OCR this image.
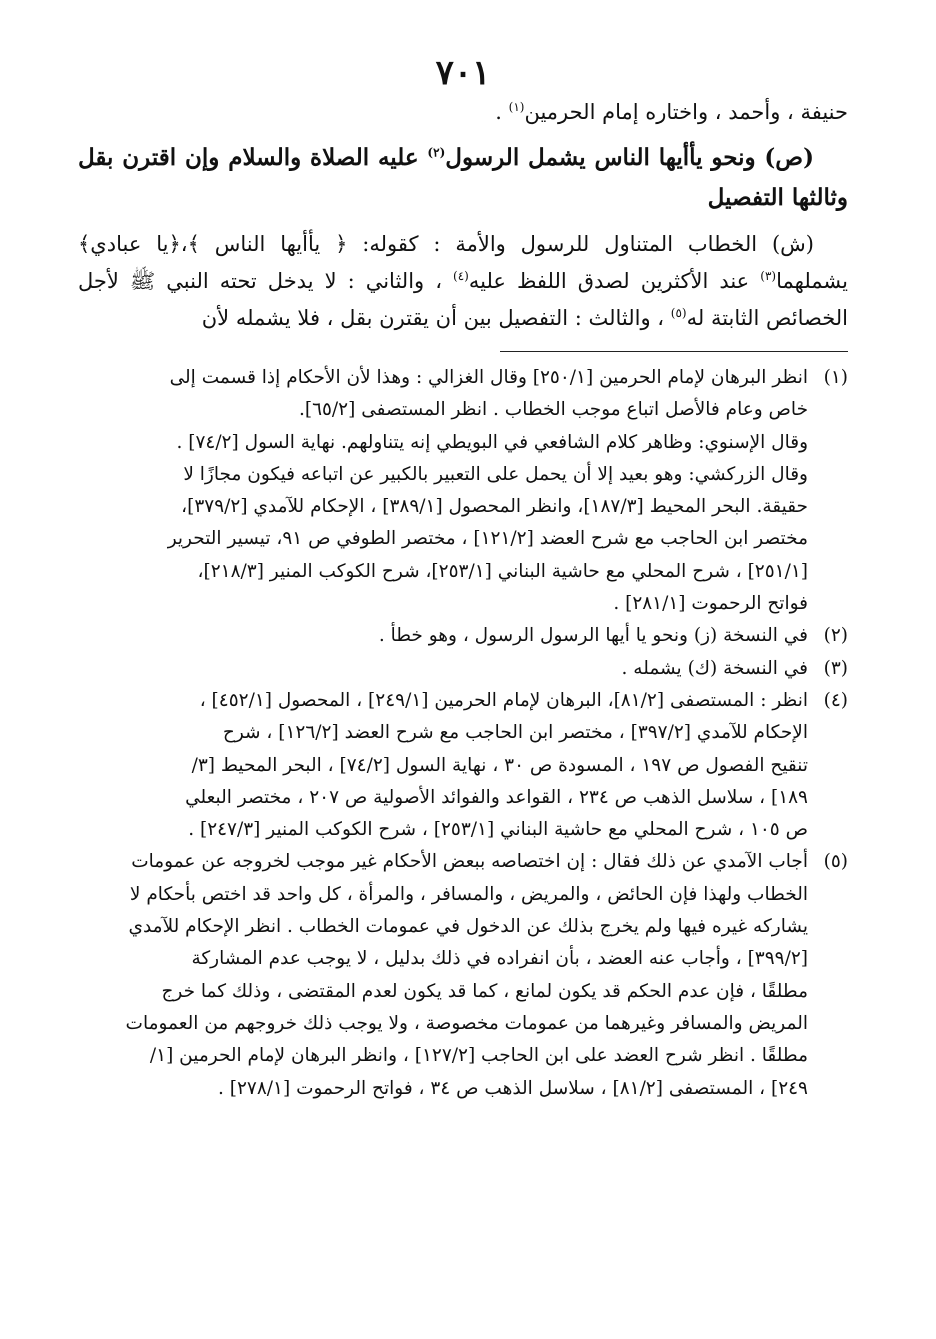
٧٠١

حنيفة ، وأحمد ، واختاره إمام الحرمين$^{(١)}$ .

(ص) ونحو يأأيها الناس يشمل الرسول$^{(٢)}$ عليه الصلاة والسلام وإن اقترن بقل وثالثها التفصيل

(ش) الخطاب المتناول للرسول والأمة : كقوله: ﴿ يأأيها الناس ﴾،﴿يا عبادي﴾ يشملهما$^{(٣)}$ عند الأكثرين لصدق اللفظ عليه$^{(٤)}$ ، والثاني : لا يدخل تحته النبي ﷺ لأجل الخصائص الثابتة له$^{(٥)}$ ، والثالث : التفصيل بين أن يقترن بقل ، فلا يشمله لأن

(١)
انظر البرهان لإمام الحرمين [٢٥٠/١] وقال الغزالي : وهذا لأن الأحكام إذا قسمت إلى
خاص وعام فالأصل اتباع موجب الخطاب . انظر المستصفى [٦٥/٢].
وقال الإسنوي: وظاهر كلام الشافعي في البويطي إنه يتناولهم. نهاية السول [٧٤/٢] .
وقال الزركشي: وهو بعيد إلا أن يحمل على التعبير بالكبير عن اتباعه فيكون مجازًا لا
حقيقة. البحر المحيط [١٨٧/٣]، وانظر المحصول [٣٨٩/١] ، الإحكام للآمدي [٣٧٩/٢]،
مختصر ابن الحاجب مع شرح العضد [١٢١/٢] ، مختصر الطوفي ص ٩١، تيسير التحرير
[٢٥١/١] ، شرح المحلي مع حاشية البناني [٢٥٣/١]، شرح الكوكب المنير [٢١٨/٣]،
فواتح الرحموت [٢٨١/١] .
(٢)
في النسخة (ز) ونحو يا أيها الرسول الرسول ، وهو خطأ .
(٣)
في النسخة (ك) يشمله .
(٤)
انظر : المستصفى [٨١/٢]، البرهان لإمام الحرمين [٢٤٩/١] ، المحصول [٤٥٢/١] ،
الإحكام للآمدي [٣٩٧/٢] ، مختصر ابن الحاجب مع شرح العضد [١٢٦/٢] ، شرح
تنقيح الفصول ص ١٩٧ ، المسودة ص ٣٠ ، نهاية السول [٧٤/٢] ، البحر المحيط [٣/
١٨٩] ، سلاسل الذهب ص ٢٣٤ ، القواعد والفوائد الأصولية ص ٢٠٧ ، مختصر البعلي
ص ١٠٥ ، شرح المحلي مع حاشية البناني [٢٥٣/١] ، شرح الكوكب المنير [٢٤٧/٣] .
(٥)
أجاب الآمدي عن ذلك فقال : إن اختصاصه ببعض الأحكام غير موجب لخروجه عن عمومات
الخطاب ولهذا فإن الحائض ، والمريض ، والمسافر ، والمرأة ، كل واحد قد اختص بأحكام لا
يشاركه غيره فيها ولم يخرج بذلك عن الدخول في عمومات الخطاب . انظر الإحكام للآمدي
[٣٩٩/٢] ، وأجاب عنه العضد ، بأن انفراده في ذلك بدليل ، لا يوجب عدم المشاركة
مطلقًا ، فإن عدم الحكم قد يكون لمانع ، كما قد يكون لعدم المقتضى ، وذلك كما خرج
المريض والمسافر وغيرهما من عمومات مخصوصة ، ولا يوجب ذلك خروجهم من العمومات
مطلقًا . انظر شرح العضد على ابن الحاجب [١٢٧/٢] ، وانظر البرهان لإمام الحرمين [١/
٢٤٩] ، المستصفى [٨١/٢] ، سلاسل الذهب ص ٣٤ ، فواتح الرحموت [٢٧٨/١] .
